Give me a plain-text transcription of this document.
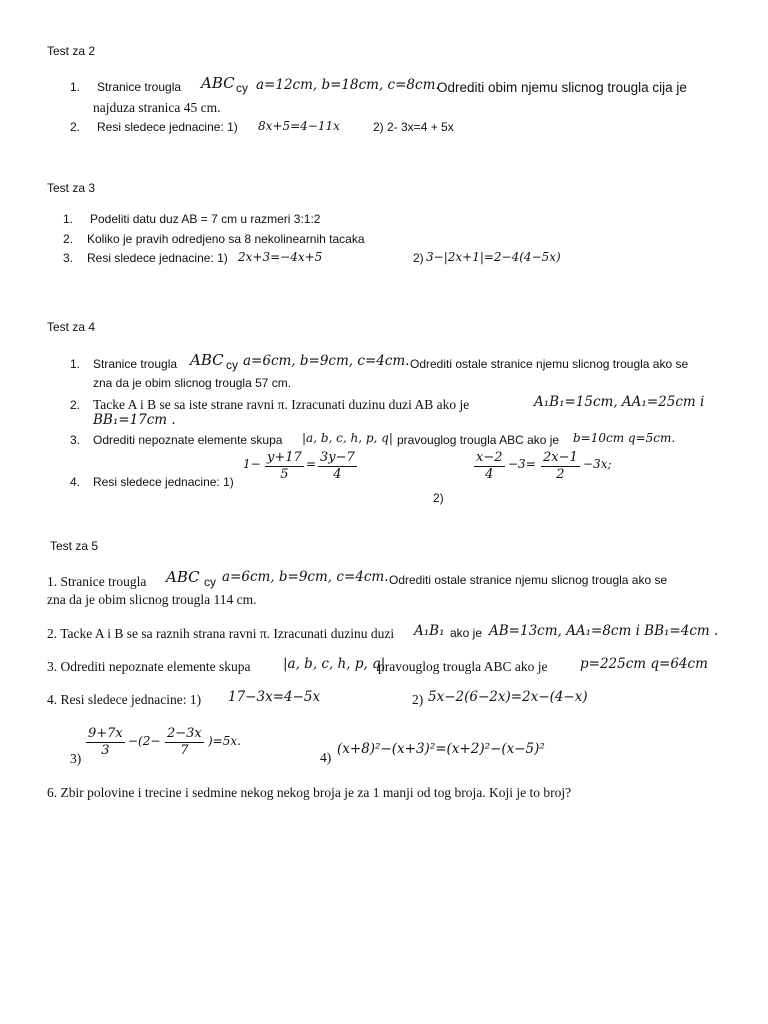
Test za 2
1. Stranice trougla ABC cy a=12cm, b=18cm, c=8cm.
Odrediti obim njemu slicnog trougla cija je
najduza stranica 45 cm.
2. Resi sledece jednacine: 1) 8x+5=4−11x	2) 2- 3x=4 + 5x
Test za 3
1. Podeliti datu duz AB = 7 cm u razmeri 3:1:2
2. Koliko je pravih odredjeno sa 8 nekolinearnih tacaka
3. Resi sledece jednacine: 1) 2x+3=−4x+5	2) 3−|2x+1|=2−4(4−5x)
Test za 4
1. Stranice trougla ABC cy a=6cm, b=9cm, c=4cm. Odrediti ostale stranice njemu slicnog trougla ako se
zna da je obim slicnog trougla 57 cm.
2. Tacke A i B se sa iste strane ravni π. Izracunati duzinu duzi AB ako je	A₁B₁=15cm, AA₁=25cm i
BB₁=17cm .
3. Odrediti nepoznate elemente skupa |a, b, c, h, p, q| pravouglog trougla ABC ako je b=10cm q=5cm.
4. Resi sledece jednacine: 1)
$1- \frac{y+17}{5} = \frac{3y-7}{4}$	$\frac{x-2}{4} -3= \frac{2x-1}{2} -3x$;
2)
Test za 5
1. Stranice trougla ABC cy a=6cm, b=9cm, c=4cm. Odrediti ostale stranice njemu slicnog trougla ako se
zna da je obim slicnog trougla 114 cm.
2. Tacke A i B se sa raznih strana ravni π. Izracunati duzinu duzi A₁B₁ ako je AB=13cm, AA₁=8cm i BB₁=4cm .
3. Odrediti nepoznate elemente skupa |a, b, c, h, p, q|
pravouglog trougla ABC ako je p=225cm q=64cm
4. Resi sledece jednacine: 1) 17−3x=4−5x	2) 5x−2(6−2x)=2x−(4−x)
$3) \frac{9+7x}{3} -(2- \frac{2-3x}{7} )=5x$.
4)
(x+8)²−(x+3)²=(x+2)²−(x−5)²
6. Zbir polovine i trecine i sedmine nekog nekog broja je za 1 manji od tog broja. Koji je to broj?
